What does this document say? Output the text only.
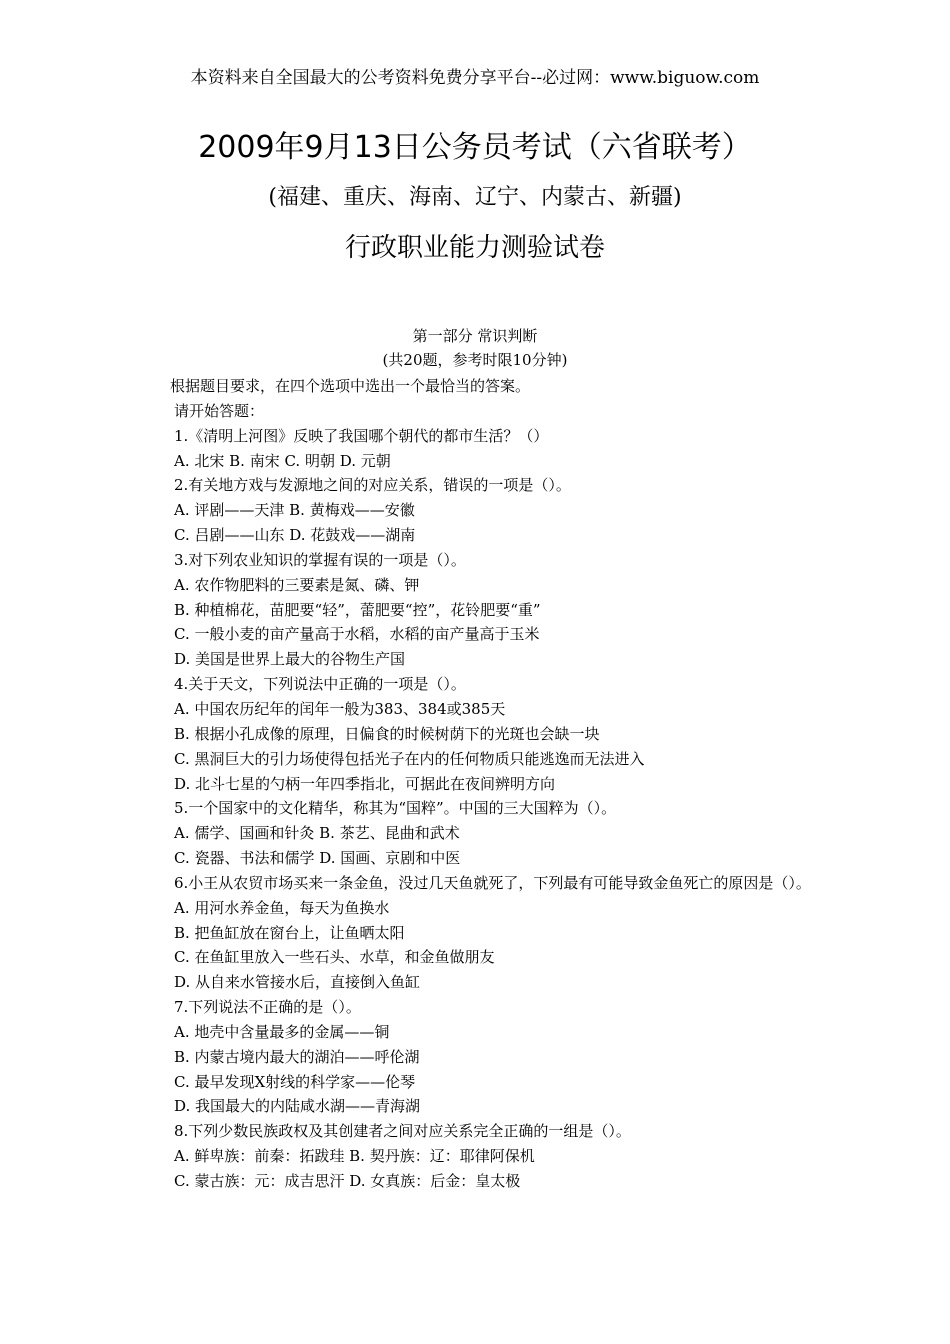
本资料来自全国最大的公考资料免费分享平台--必过网：www.biguow.com
2009年9月13日公务员考试（六省联考）
(福建、重庆、海南、辽宁、内蒙古、新疆)
行政职业能力测验试卷
第一部分 常识判断
(共20题，参考时限10分钟)
根据题目要求，在四个选项中选出一个最恰当的答案。
请开始答题：
1.《清明上河图》反映了我国哪个朝代的都市生活？（）
A. 北宋 B. 南宋 C. 明朝 D. 元朝
2.有关地方戏与发源地之间的对应关系，错误的一项是（）。
A. 评剧——天津 B. 黄梅戏——安徽
C. 吕剧——山东 D. 花鼓戏——湖南
3.对下列农业知识的掌握有误的一项是（）。
A. 农作物肥料的三要素是氮、磷、钾
B. 种植棉花，苗肥要“轻”，蕾肥要“控”，花铃肥要“重”
C. 一般小麦的亩产量高于水稻，水稻的亩产量高于玉米
D. 美国是世界上最大的谷物生产国
4.关于天文，下列说法中正确的一项是（）。
A. 中国农历纪年的闰年一般为383、384或385天
B. 根据小孔成像的原理，日偏食的时候树荫下的光斑也会缺一块
C. 黑洞巨大的引力场使得包括光子在内的任何物质只能逃逸而无法进入
D. 北斗七星的勺柄一年四季指北，可据此在夜间辨明方向
5.一个国家中的文化精华，称其为“国粹”。中国的三大国粹为（）。
A. 儒学、国画和针灸 B. 茶艺、昆曲和武术
C. 瓷器、书法和儒学 D. 国画、京剧和中医
6.小王从农贸市场买来一条金鱼，没过几天鱼就死了，下列最有可能导致金鱼死亡的原因是（）。
A. 用河水养金鱼，每天为鱼换水
B. 把鱼缸放在窗台上，让鱼晒太阳
C. 在鱼缸里放入一些石头、水草，和金鱼做朋友
D. 从自来水管接水后，直接倒入鱼缸
7.下列说法不正确的是（）。
A. 地壳中含量最多的金属——铜
B. 内蒙古境内最大的湖泊——呼伦湖
C. 最早发现X射线的科学家——伦琴
D. 我国最大的内陆咸水湖——青海湖
8.下列少数民族政权及其创建者之间对应关系完全正确的一组是（）。
A. 鲜卑族：前秦：拓跋珪 B. 契丹族：辽：耶律阿保机
C. 蒙古族：元：成吉思汗 D. 女真族：后金：皇太极
